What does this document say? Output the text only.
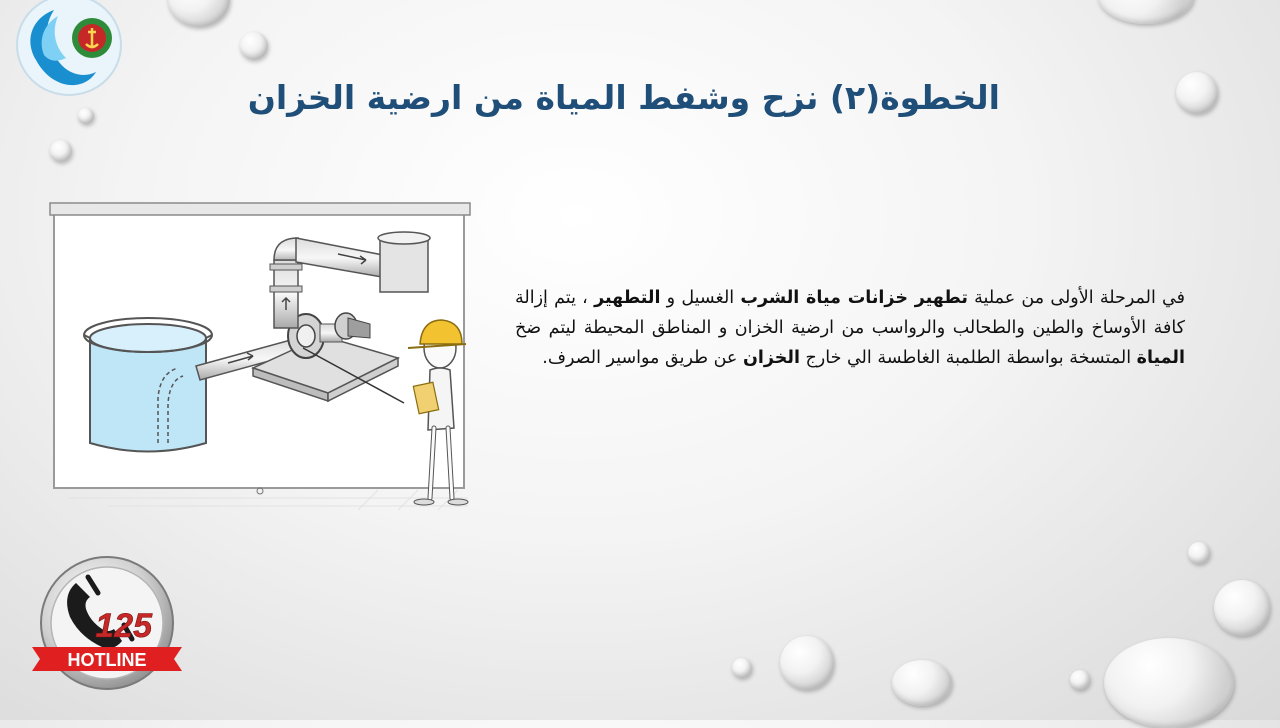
الخطوة(٢) نزح وشفط المياة من ارضية الخزان
في المرحلة الأولى من عملية تطهير خزانات مياة الشرب الغسيل و التطهير ، يتم إزالة كافة الأوساخ والطين والطحالب والرواسب من ارضية الخزان و المناطق المحيطة ليتم ضخ المياة المتسخة بواسطة الطلمبة الغاطسة الي خارج الخزان عن طريق مواسير الصرف.
125
HOTLINE
